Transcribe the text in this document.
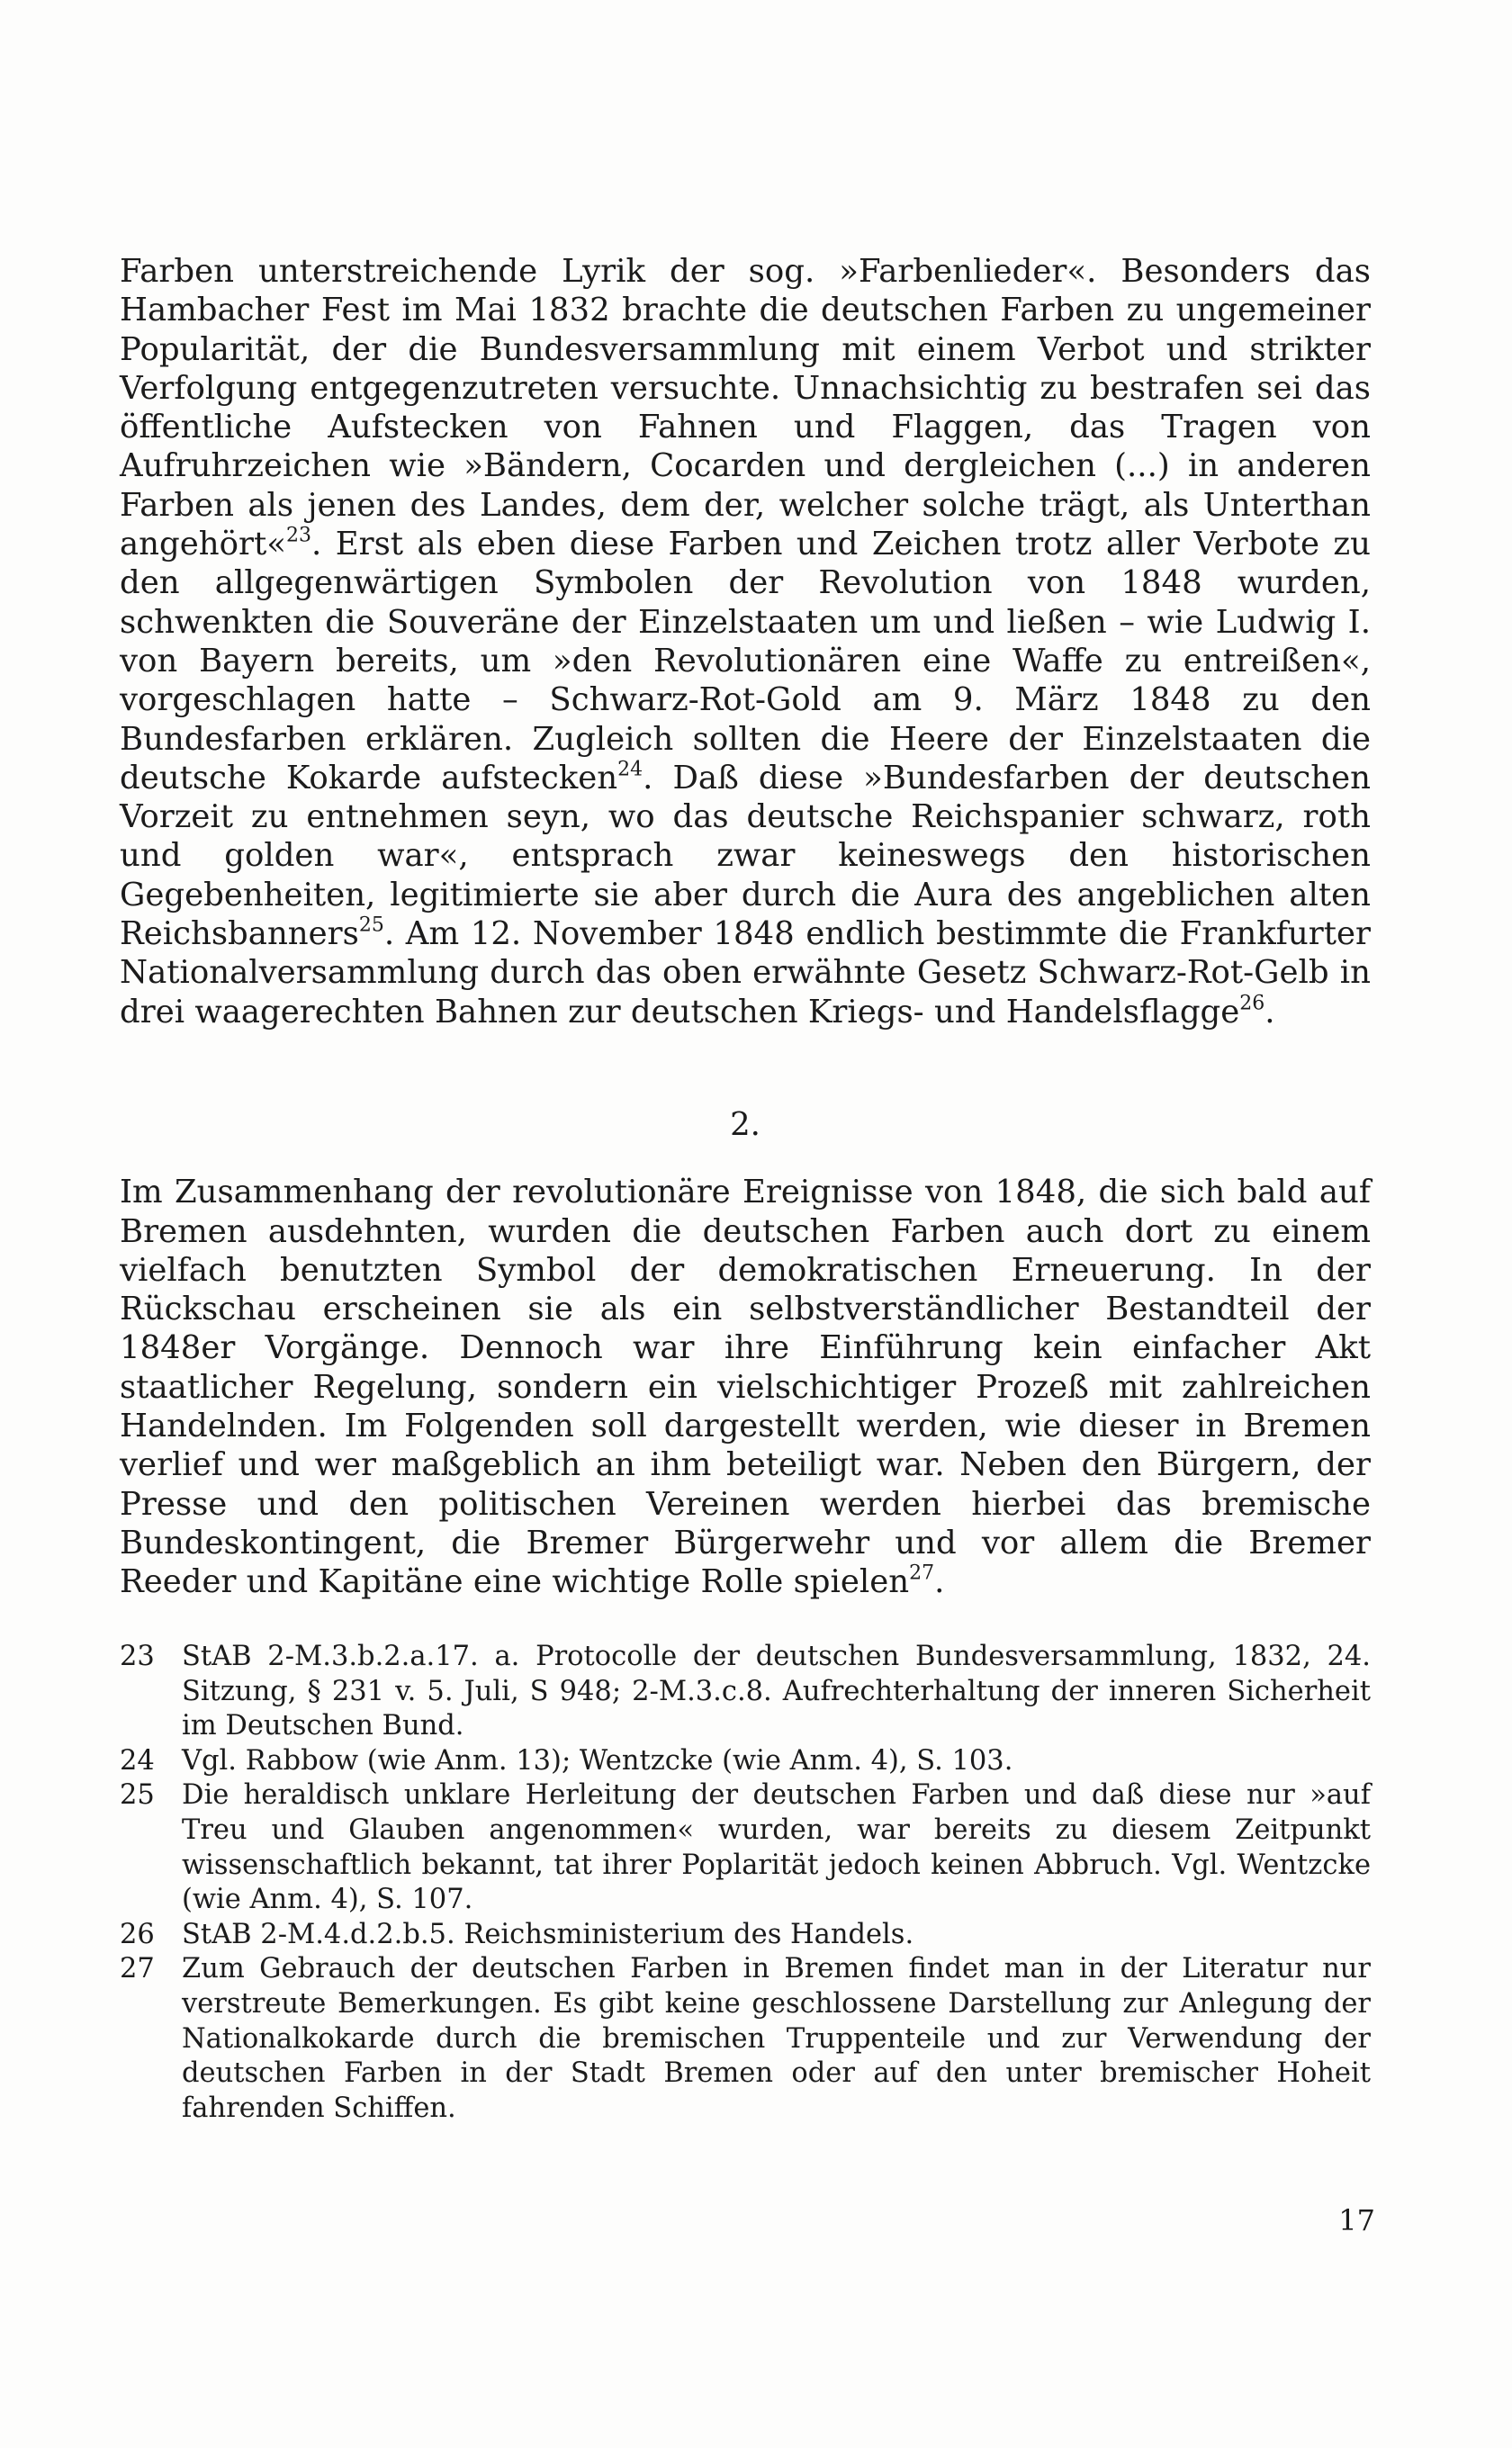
Farben unterstreichende Lyrik der sog. »Farbenlieder«. Besonders das Hambacher Fest im Mai 1832 brachte die deutschen Farben zu ungemeiner Popularität, der die Bundesversammlung mit einem Verbot und strikter Verfolgung entgegenzutreten versuchte. Unnachsichtig zu bestrafen sei das öffentliche Aufstecken von Fahnen und Flaggen, das Tragen von Aufruhrzeichen wie »Bändern, Cocarden und dergleichen (...) in anderen Farben als jenen des Landes, dem der, welcher solche trägt, als Unterthan angehört«$^{23}$. Erst als eben diese Farben und Zeichen trotz aller Verbote zu den allgegenwärtigen Symbolen der Revolution von 1848 wurden, schwenkten die Souveräne der Einzelstaaten um und ließen – wie Ludwig I. von Bayern bereits, um »den Revolutionären eine Waffe zu entreißen«, vorgeschlagen hatte – Schwarz-Rot-Gold am 9. März 1848 zu den Bundesfarben erklären. Zugleich sollten die Heere der Einzelstaaten die deutsche Kokarde aufstecken$^{24}$. Daß diese »Bundesfarben der deutschen Vorzeit zu entnehmen seyn, wo das deutsche Reichspanier schwarz, roth und golden war«, entsprach zwar keineswegs den historischen Gegebenheiten, legitimierte sie aber durch die Aura des angeblichen alten Reichsbanners$^{25}$. Am 12. November 1848 endlich bestimmte die Frankfurter Nationalversammlung durch das oben erwähnte Gesetz Schwarz-Rot-Gelb in drei waagerechten Bahnen zur deutschen Kriegs- und Handelsflagge$^{26}$.

2.

Im Zusammenhang der revolutionäre Ereignisse von 1848, die sich bald auf Bremen ausdehnten, wurden die deutschen Farben auch dort zu einem vielfach benutzten Symbol der demokratischen Erneuerung. In der Rückschau erscheinen sie als ein selbstverständlicher Bestandteil der 1848er Vorgänge. Dennoch war ihre Einführung kein einfacher Akt staatlicher Regelung, sondern ein vielschichtiger Prozeß mit zahlreichen Handelnden. Im Folgenden soll dargestellt werden, wie dieser in Bremen verlief und wer maßgeblich an ihm beteiligt war. Neben den Bürgern, der Presse und den politischen Vereinen werden hierbei das bremische Bundeskontingent, die Bremer Bürgerwehr und vor allem die Bremer Reeder und Kapitäne eine wichtige Rolle spielen$^{27}$.

23 StAB 2-M.3.b.2.a.17. a. Protocolle der deutschen Bundesversammlung, 1832, 24. Sitzung, § 231 v. 5. Juli, S 948; 2-M.3.c.8. Aufrechterhaltung der inneren Sicherheit im Deutschen Bund.
24 Vgl. Rabbow (wie Anm. 13); Wentzcke (wie Anm. 4), S. 103.
25 Die heraldisch unklare Herleitung der deutschen Farben und daß diese nur »auf Treu und Glauben angenommen« wurden, war bereits zu diesem Zeitpunkt wissenschaftlich bekannt, tat ihrer Poplarität jedoch keinen Abbruch. Vgl. Wentzcke (wie Anm. 4), S. 107.
26 StAB 2-M.4.d.2.b.5. Reichsministerium des Handels.
27 Zum Gebrauch der deutschen Farben in Bremen findet man in der Literatur nur verstreute Bemerkungen. Es gibt keine geschlossene Darstellung zur Anlegung der Nationalkokarde durch die bremischen Truppenteile und zur Verwendung der deutschen Farben in der Stadt Bremen oder auf den unter bremischer Hoheit fahrenden Schiffen.
17
